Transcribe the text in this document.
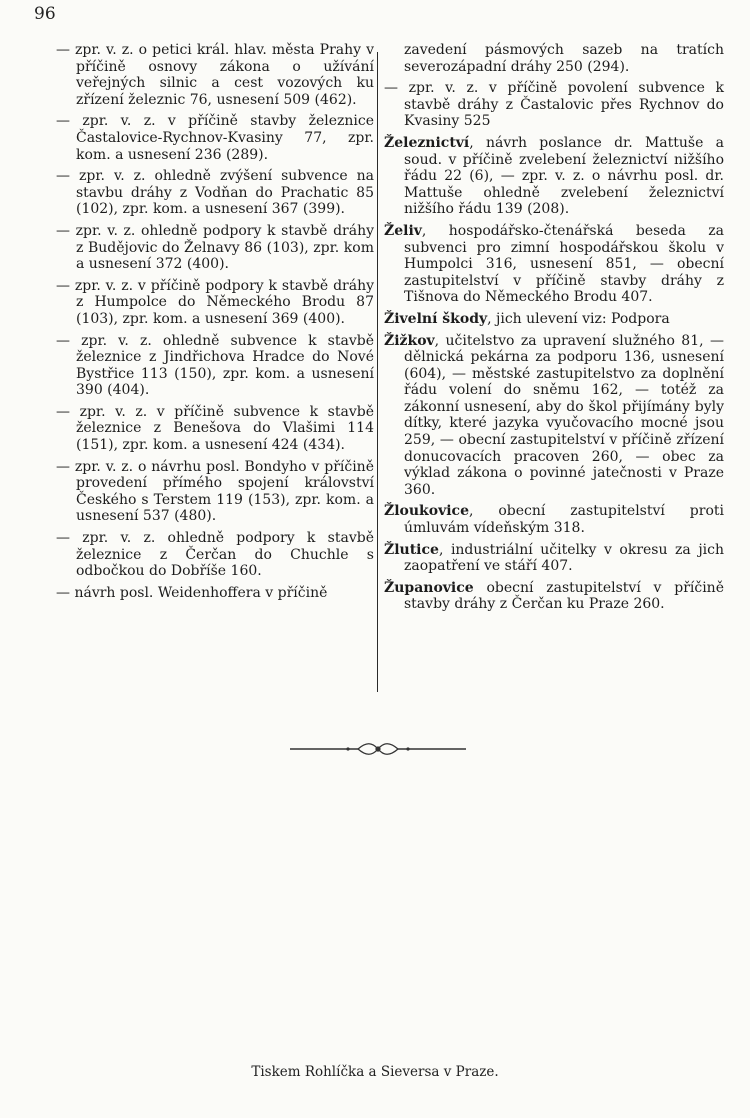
96

— zpr. v. z. o petici král. hlav. města Prahy v příčině osnovy zákona o užívání veřejných silnic a cest vozových ku zřízení železnic 76, usnesení 509 (462).

— zpr. v. z. v příčině stavby železnice Častalovice-Rychnov-Kvasiny 77, zpr. kom. a usnesení 236 (289).

— zpr. v. z. ohledně zvýšení subvence na stavbu dráhy z Vodňan do Prachatic 85 (102), zpr. kom. a usnesení 367 (399).

— zpr. v. z. ohledně podpory k stavbě dráhy z Budějovic do Želnavy 86 (103), zpr. kom a usnesení 372 (400).

— zpr. v. z. v příčině podpory k stavbě dráhy z Humpolce do Německého Brodu 87 (103), zpr. kom. a usnesení 369 (400).

— zpr. v. z. ohledně subvence k stavbě železnice z Jindřichova Hradce do Nové Bystřice 113 (150), zpr. kom. a usnesení 390 (404).

— zpr. v. z. v příčině subvence k stavbě železnice z Benešova do Vlašimi 114 (151), zpr. kom. a usnesení 424 (434).

— zpr. v. z. o návrhu posl. Bondyho v příčině provedení přímého spojení království Českého s Terstem 119 (153), zpr. kom. a usnesení 537 (480).

— zpr. v. z. ohledně podpory k stavbě železnice z Čerčan do Chuchle s odbočkou do Dobříše 160.

— návrh posl. Weidenhoffera v příčině

zavedení pásmových sazeb na tratích severozápadní dráhy 250 (294).

— zpr. v. z. v příčině povolení subvence k stavbě dráhy z Častalovic přes Rychnov do Kvasiny 525

Železnictví, návrh poslance dr. Mattuše a soud. v příčině zvelebení železnictví nižšího řádu 22 (6), — zpr. v. z. o návrhu posl. dr. Mattuše ohledně zvelebení železnictví nižšího řádu 139 (208).

Želiv, hospodářsko-čtenářská beseda za subvenci pro zimní hospodářskou školu v Humpolci 316, usnesení 851, — obecní zastupitelství v příčině stavby dráhy z Tišnova do Německého Brodu 407.

Živelní škody, jich ulevení viz: Podpora

Žižkov, učitelstvo za upravení služného 81, — dělnická pekárna za podporu 136, usnesení (604), — městské zastupitelstvo za doplnění řádu volení do sněmu 162, — totéž za zákonní usnesení, aby do škol přijímány byly dítky, které jazyka vyučovacího mocné jsou 259, — obecní zastupitelství v příčině zřízení donucovacích pracoven 260, — obec za výklad zákona o povinné jatečnosti v Praze 360.

Žloukovice, obecní zastupitelství proti úmluvám vídeňským 318.

Žlutice, industriální učitelky v okresu za jich zaopatření ve stáří 407.

Županovice obecní zastupitelství v příčině stavby dráhy z Čerčan ku Praze 260.

Tiskem Rohlíčka a Sieversa v Praze.
